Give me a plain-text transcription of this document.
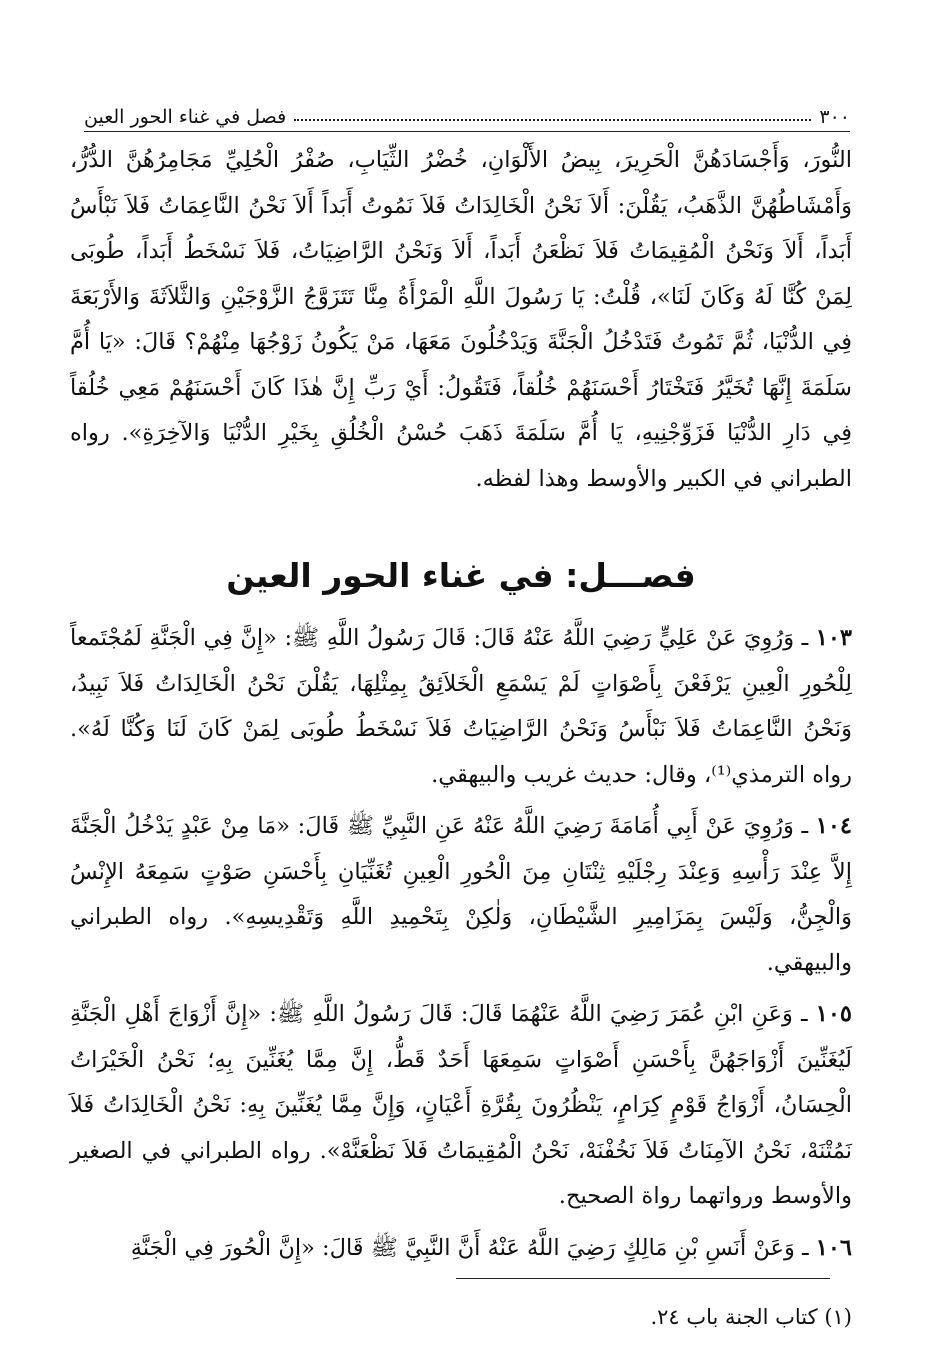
٣٠٠
فصل في غناء الحور العين

النُّورَ، وَأَجْسَادَهُنَّ الْحَرِيرَ، بِيضُ الأَلْوَانِ، خُضْرُ الثِّيَابِ، صُفْرُ الْحُلِيِّ مَجَامِرُهُنَّ الدُّرُّ، وَأَمْشَاطُهُنَّ الذَّهَبُ، يَقُلْنَ: أَلاَ نَحْنُ الْخَالِدَاتُ فَلاَ نَمُوتُ أَبَداً أَلاَ نَحْنُ النَّاعِمَاتُ فَلاَ نَبْأَسُ أَبَداً، أَلاَ وَنَحْنُ الْمُقِيمَاتُ فَلاَ نَظْعَنُ أَبَداً، أَلاَ وَنَحْنُ الرَّاضِيَاتُ، فَلاَ نَسْخَطُ أَبَداً، طُوبَى لِمَنْ كُنَّا لَهُ وَكَانَ لَنَا»، قُلْتُ: يَا رَسُولَ اللَّهِ الْمَرْأَةُ مِنَّا تَتَزَوَّجُ الزَّوْجَيْنِ وَالثَّلاَثَةَ وَالأَرْبَعَةَ فِي الدُّنْيَا، ثُمَّ تَمُوتُ فَتَدْخُلُ الْجَنَّةَ وَيَدْخُلُونَ مَعَهَا، مَنْ يَكُونُ زَوْجُهَا مِنْهُمْ؟ قَالَ: «يَا أُمَّ سَلَمَةَ إِنَّهَا تُخَيَّرُ فَتَخْتَارُ أَحْسَنَهُمْ خُلُقاً، فَتَقُولُ: أَيْ رَبِّ إِنَّ هٰذَا كَانَ أَحْسَنَهُمْ مَعِي خُلُقاً فِي دَارِ الدُّنْيَا فَزَوِّجْنِيهِ، يَا أُمَّ سَلَمَةَ ذَهَبَ حُسْنُ الْخُلُقِ بِخَيْرِ الدُّنْيَا وَالآخِرَةِ». رواه الطبراني في الكبير والأوسط وهذا لفظه.

فصـــل: في غناء الحور العين

١٠٣ ـ وَرُوِيَ عَنْ عَلِيٍّ رَضِيَ اللَّهُ عَنْهُ قَالَ: قَالَ رَسُولُ اللَّهِ ﷺ: «إِنَّ فِي الْجَنَّةِ لَمُجْتَمعاً لِلْحُورِ الْعِينِ يَرْفَعْنَ بِأَصْوَاتٍ لَمْ يَسْمَعِ الْخَلاَئِقُ بِمِثْلِهَا، يَقُلْنَ نَحْنُ الْخَالِدَاتُ فَلاَ نَبِيدُ، وَنَحْنُ النَّاعِمَاتُ فَلاَ نَبْأَسُ وَنَحْنُ الرَّاضِيَاتُ فَلاَ نَسْخَطُ طُوبَى لِمَنْ كَانَ لَنَا وَكُنَّا لَهُ». رواه الترمذي⁽¹⁾، وقال: حديث غريب والبيهقي.

١٠٤ ـ وَرُوِيَ عَنْ أَبِي أُمَامَةَ رَضِيَ اللَّهُ عَنْهُ عَنِ النَّبِيِّ ﷺ قَالَ: «مَا مِنْ عَبْدٍ يَدْخُلُ الْجَنَّةَ إِلاَّ عِنْدَ رَأْسِهِ وَعِنْدَ رِجْلَيْهِ ثِنْتَانِ مِنَ الْحُورِ الْعِينِ تُغَنِّيَانِ بِأَحْسَنِ صَوْتٍ سَمِعَهُ الإِنْسُ وَالْجِنُّ، وَلَيْسَ بِمَزَامِيرِ الشَّيْطَانِ، وَلٰكِنْ بِتَحْمِيدِ اللَّهِ وَتَقْدِيسِهِ». رواه الطبراني والبيهقي.

١٠٥ ـ وَعَنِ ابْنِ عُمَرَ رَضِيَ اللَّهُ عَنْهُمَا قَالَ: قَالَ رَسُولُ اللَّهِ ﷺ: «إِنَّ أَزْوَاجَ أَهْلِ الْجَنَّةِ لَيُغَنِّينَ أَزْوَاجَهُنَّ بِأَحْسَنِ أَصْوَاتٍ سَمِعَهَا أَحَدٌ قَطُّ، إِنَّ مِمَّا يُغَنِّينَ بِهِ؛ نَحْنُ الْخَيْرَاتُ الْحِسَانُ، أَزْوَاجُ قَوْمٍ كِرَامٍ، يَنْظُرُونَ بِقُرَّةِ أَعْيَانٍ، وَإِنَّ مِمَّا يُغَنِّينَ بِهِ: نَحْنُ الْخَالِدَاتُ فَلاَ نَمُتْنَهْ، نَحْنُ الآمِنَاتُ فَلاَ نَخُفْنَهْ، نَحْنُ الْمُقِيمَاتُ فَلاَ نَظْعَنَّهْ». رواه الطبراني في الصغير والأوسط ورواتهما رواة الصحيح.

١٠٦ ـ وَعَنْ أَنَسِ بْنِ مَالِكٍ رَضِيَ اللَّهُ عَنْهُ أَنَّ النَّبِيَّ ﷺ قَالَ: «إِنَّ الْحُورَ فِي الْجَنَّةِ

(١) كتاب الجنة باب ٢٤.
